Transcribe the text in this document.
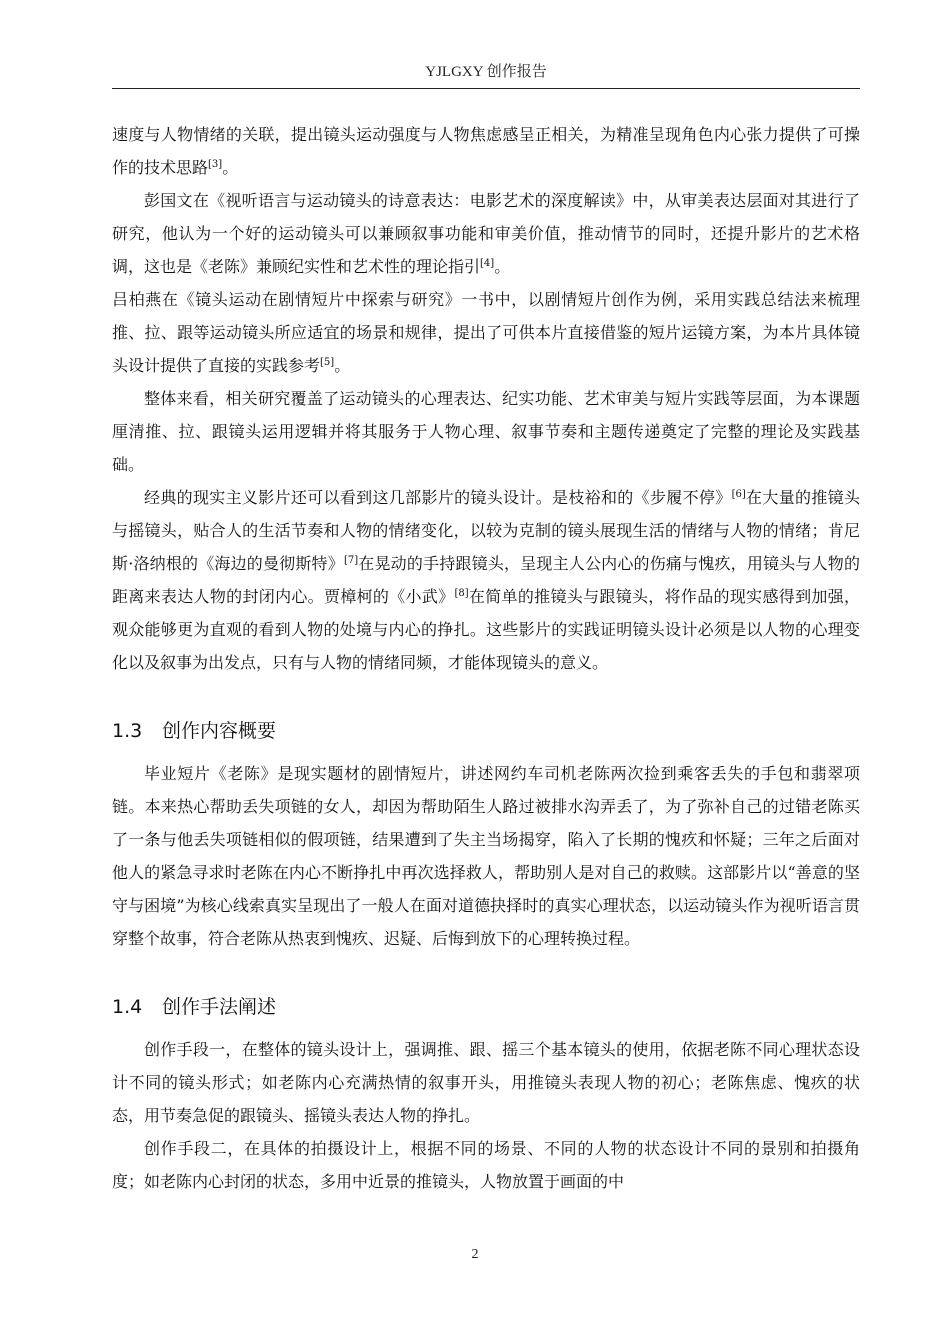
YJLGXY 创作报告

速度与人物情绪的关联，提出镜头运动强度与人物焦虑感呈正相关，为精准呈现角色内心张力提供了可操作的技术思路[3]。

彭国文在《视听语言与运动镜头的诗意表达：电影艺术的深度解读》中，从审美表达层面对其进行了研究，他认为一个好的运动镜头可以兼顾叙事功能和审美价值，推动情节的同时，还提升影片的艺术格调，这也是《老陈》兼顾纪实性和艺术性的理论指引[4]。

吕柏燕在《镜头运动在剧情短片中探索与研究》一书中，以剧情短片创作为例，采用实践总结法来梳理推、拉、跟等运动镜头所应适宜的场景和规律，提出了可供本片直接借鉴的短片运镜方案，为本片具体镜头设计提供了直接的实践参考[5]。

整体来看，相关研究覆盖了运动镜头的心理表达、纪实功能、艺术审美与短片实践等层面，为本课题厘清推、拉、跟镜头运用逻辑并将其服务于人物心理、叙事节奏和主题传递奠定了完整的理论及实践基础。

经典的现实主义影片还可以看到这几部影片的镜头设计。是枝裕和的《步履不停》[6]在大量的推镜头与摇镜头，贴合人的生活节奏和人物的情绪变化，以较为克制的镜头展现生活的情绪与人物的情绪；肯尼斯·洛纳根的《海边的曼彻斯特》[7]在晃动的手持跟镜头，呈现主人公内心的伤痛与愧疚，用镜头与人物的距离来表达人物的封闭内心。贾樟柯的《小武》[8]在简单的推镜头与跟镜头，将作品的现实感得到加强，观众能够更为直观的看到人物的处境与内心的挣扎。这些影片的实践证明镜头设计必须是以人物的心理变化以及叙事为出发点，只有与人物的情绪同频，才能体现镜头的意义。

1.3 创作内容概要

毕业短片《老陈》是现实题材的剧情短片，讲述网约车司机老陈两次捡到乘客丢失的手包和翡翠项链。本来热心帮助丢失项链的女人，却因为帮助陌生人路过被排水沟弄丢了，为了弥补自己的过错老陈买了一条与他丢失项链相似的假项链，结果遭到了失主当场揭穿，陷入了长期的愧疚和怀疑；三年之后面对他人的紧急寻求时老陈在内心不断挣扎中再次选择救人，帮助别人是对自己的救赎。这部影片以“善意的坚守与困境”为核心线索真实呈现出了一般人在面对道德抉择时的真实心理状态，以运动镜头作为视听语言贯穿整个故事，符合老陈从热衷到愧疚、迟疑、后悔到放下的心理转换过程。

1.4 创作手法阐述

创作手段一，在整体的镜头设计上，强调推、跟、摇三个基本镜头的使用，依据老陈不同心理状态设计不同的镜头形式；如老陈内心充满热情的叙事开头，用推镜头表现人物的初心；老陈焦虑、愧疚的状态，用节奏急促的跟镜头、摇镜头表达人物的挣扎。

创作手段二，在具体的拍摄设计上，根据不同的场景、不同的人物的状态设计不同的景别和拍摄角度；如老陈内心封闭的状态，多用中近景的推镜头，人物放置于画面的中

2
